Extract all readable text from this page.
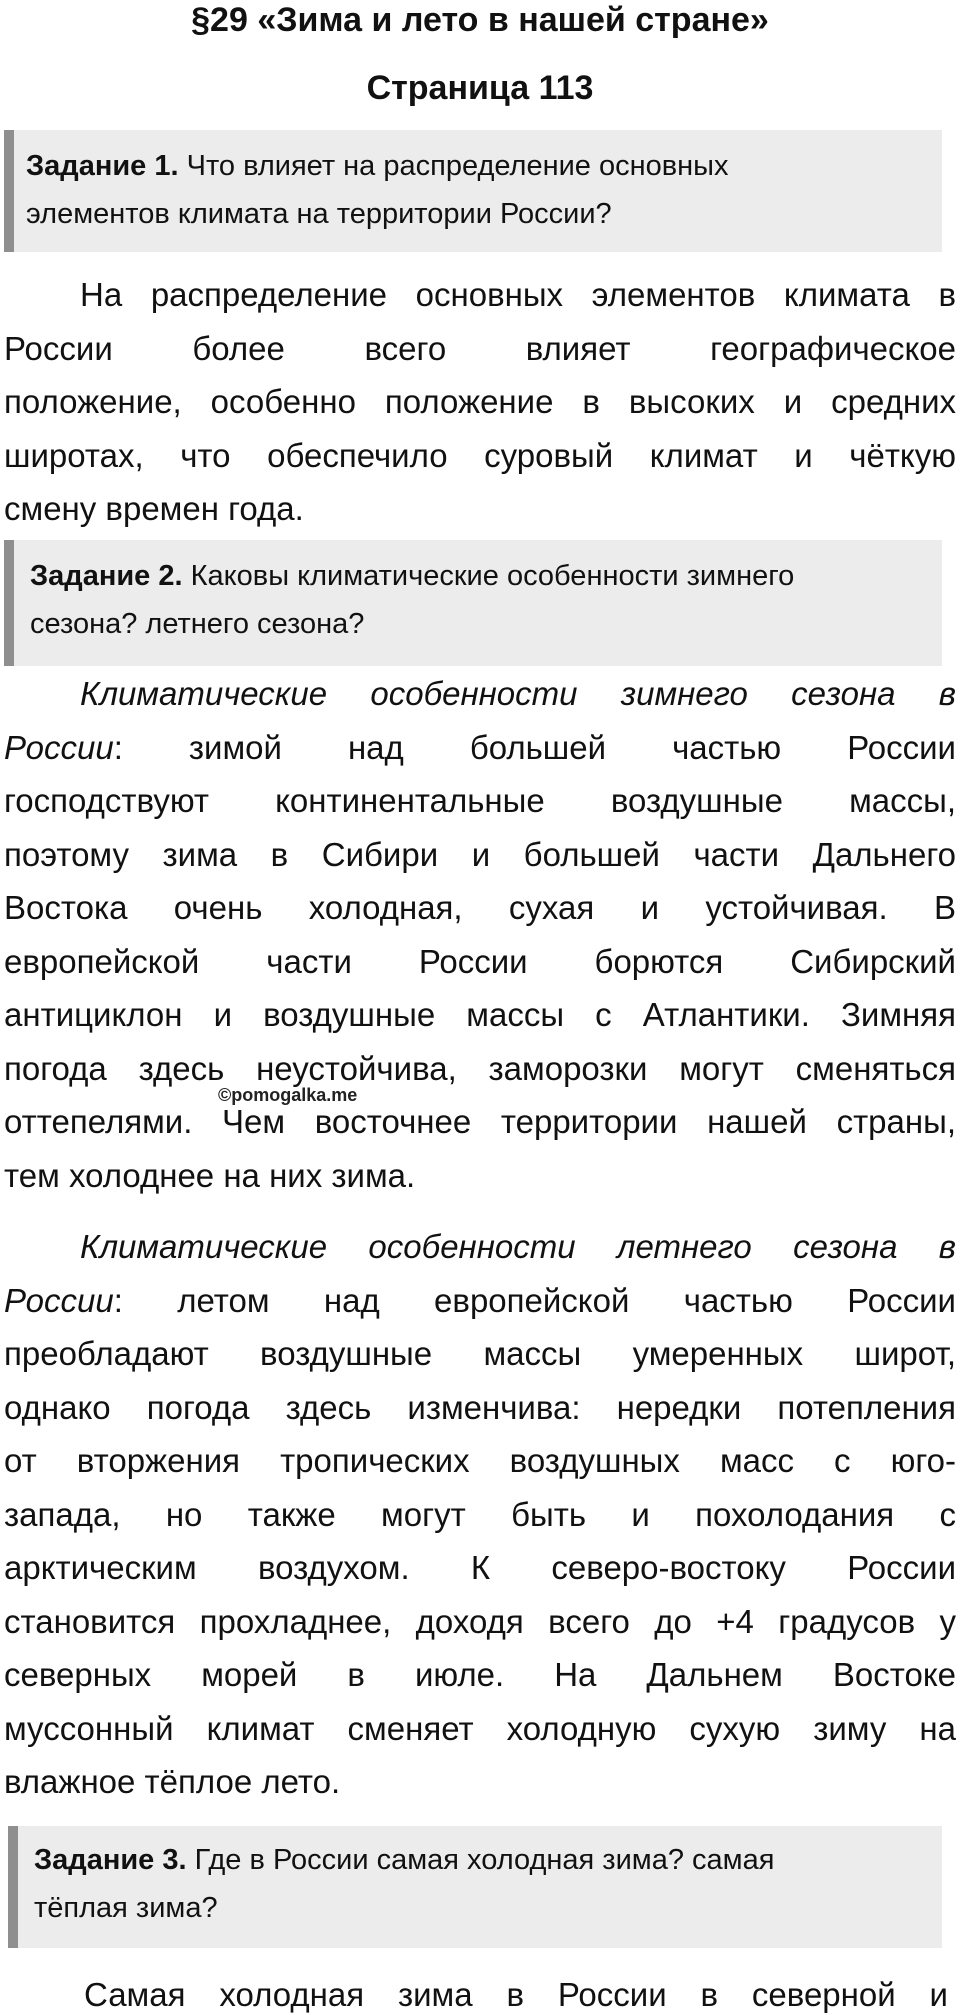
§29 «Зима и лето в нашей стране»
Страница 113
Задание 1. Что влияет на распределение основных
элементов климата на территории России?
На распределение основных элементов климата в
России более всего влияет географическое
положение, особенно положение в высоких и средних
широтах, что обеспечило суровый климат и чёткую
смену времен года.
Задание 2. Каковы климатические особенности зимнего
сезона? летнего сезона?
Климатические особенности зимнего сезона в
России: зимой над большей частью России
господствуют континентальные воздушные массы,
поэтому зима в Сибири и большей части Дальнего
Востока очень холодная, сухая и устойчивая. В
европейской части России борются Сибирский
антициклон и воздушные массы с Атлантики. Зимняя
погода здесь неустойчива, заморозки могут сменяться
оттепелями. Чем восточнее территории нашей страны,
тем холоднее на них зима.
©pomogalka.me
Климатические особенности летнего сезона в
России: летом над европейской частью России
преобладают воздушные массы умеренных широт,
однако погода здесь изменчива: нередки потепления
от вторжения тропических воздушных масс с юго-
запада, но также могут быть и похолодания с
арктическим воздухом. К северо-востоку России
становится прохладнее, доходя всего до +4 градусов у
северных морей в июле. На Дальнем Востоке
муссонный климат сменяет холодную сухую зиму на
влажное тёплое лето.
Задание 3. Где в России самая холодная зима? самая
тёплая зима?
Самая холодная зима в России в северной и
